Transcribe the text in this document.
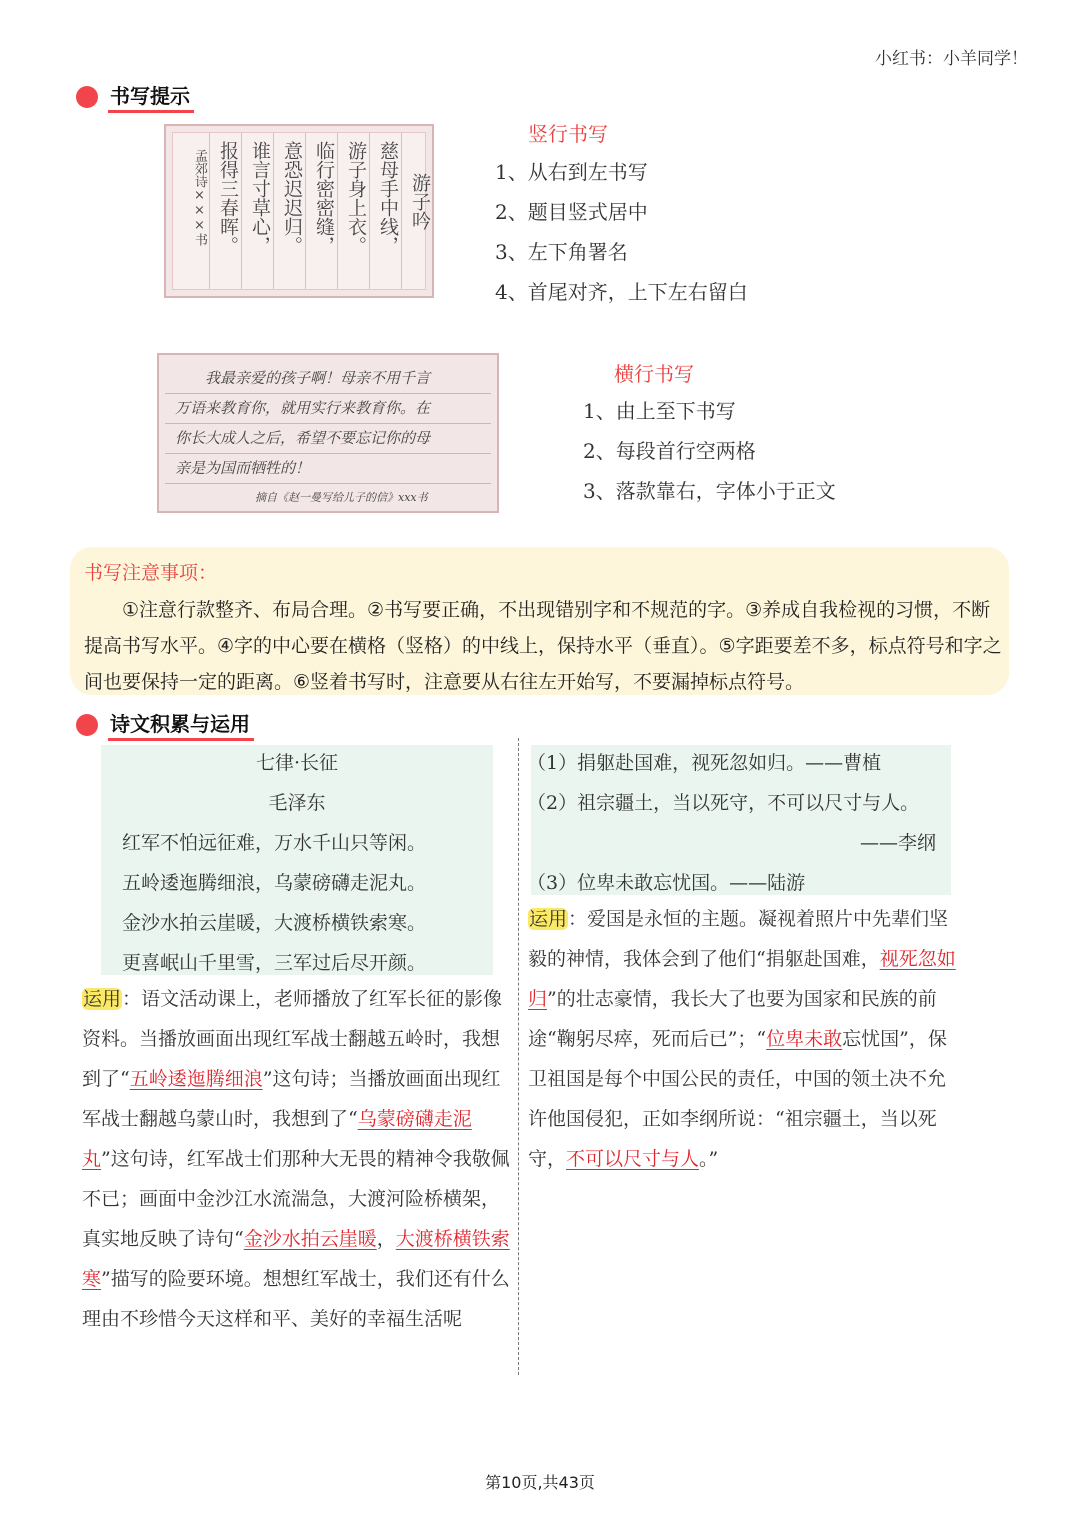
小红书：小羊同学！
书写提示
孟郊诗×××书 报得三春晖。
谁言寸草心，
意恐迟迟归。
临行密密缝，
游子身上衣。
慈母手中线，
游子吟
竖行书写
1、从右到左书写
2、题目竖式居中
3、左下角署名
4、首尾对齐，上下左右留白
我最亲爱的孩子啊！母亲不用千言
万语来教育你，就用实行来教育你。在
你长大成人之后，希望不要忘记你的母
亲是为国而牺牲的！
摘自《赵一曼写给儿子的信》xxx书
横行书写
1、由上至下书写
2、每段首行空两格
3、落款靠右，字体小于正文
书写注意事项：
①注意行款整齐、布局合理。②书写要正确，不出现错别字和不规范的字。③养成自我检视的习惯，不断提高书写水平。④字的中心要在横格（竖格）的中线上，保持水平（垂直）。⑤字距要差不多，标点符号和字之间也要保持一定的距离。⑥竖着书写时，注意要从右往左开始写，不要漏掉标点符号。
诗文积累与运用
七律·长征
毛泽东
红军不怕远征难，万水千山只等闲。
五岭逶迤腾细浪，乌蒙磅礴走泥丸。
金沙水拍云崖暖，大渡桥横铁索寒。
更喜岷山千里雪，三军过后尽开颜。
运用：语文活动课上，老师播放了红军长征的影像资料。当播放画面出现红军战士翻越五岭时，我想到了“五岭逶迤腾细浪”这句诗；当播放画面出现红军战士翻越乌蒙山时，我想到了“乌蒙磅礴走泥丸”这句诗，红军战士们那种大无畏的精神令我敬佩不已；画面中金沙江水流湍急，大渡河险桥横架，真实地反映了诗句“金沙水拍云崖暖，大渡桥横铁索寒”描写的险要环境。想想红军战士，我们还有什么理由不珍惜今天这样和平、美好的幸福生活呢
（1）捐躯赴国难，视死忽如归。——曹植
（2）祖宗疆土，当以死守，不可以尺寸与人。
——李纲
（3）位卑未敢忘忧国。——陆游
运用：爱国是永恒的主题。凝视着照片中先辈们坚毅的神情，我体会到了他们“捐躯赴国难，视死忽如归”的壮志豪情，我长大了也要为国家和民族的前途“鞠躬尽瘁，死而后已”；“位卑未敢忘忧国”，保卫祖国是每个中国公民的责任，中国的领土决不允许他国侵犯，正如李纲所说：“祖宗疆土，当以死守，不可以尺寸与人。”
第10页,共43页
